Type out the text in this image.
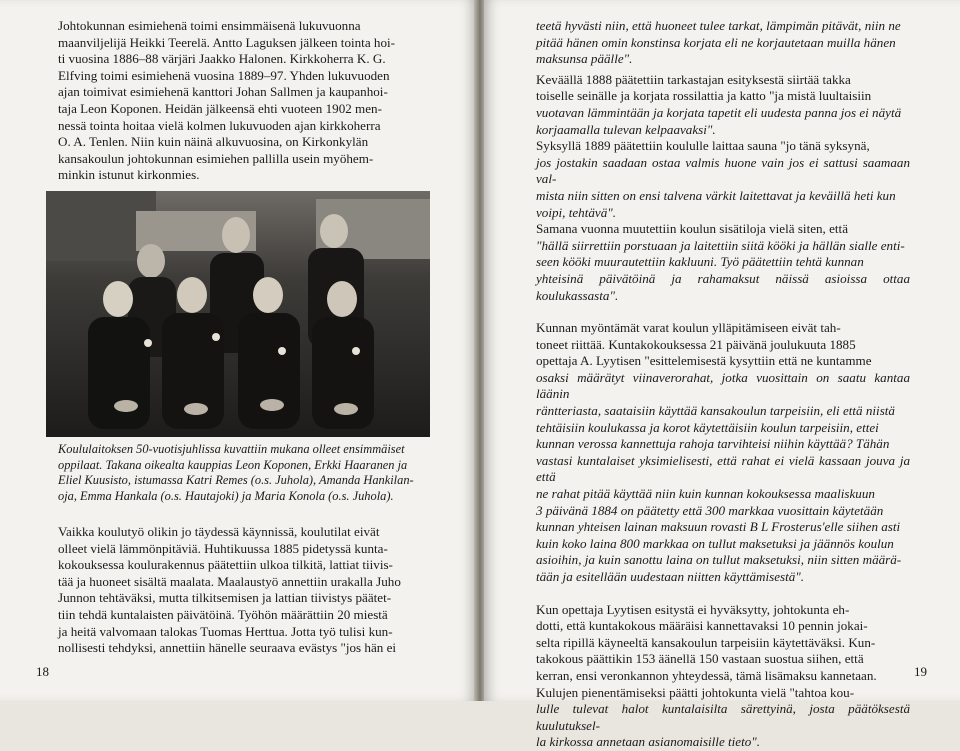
Johtokunnan esimiehenä toimi ensimmäisenä lukuvuonna
maanviljelijä Heikki Teerelä. Antto Laguksen jälkeen tointa hoi-
ti vuosina 1886–88 värjäri Jaakko Halonen. Kirkkoherra K. G.
Elfving toimi esimiehenä vuosina 1889–97. Yhden lukuvuoden
ajan toimivat esimiehenä kanttori Johan Sallmen ja kaupanhoi-
taja Leon Koponen. Heidän jälkeensä ehti vuoteen 1902 men-
nessä tointa hoitaa vielä kolmen lukuvuoden ajan kirkkoherra
O. A. Tenlen. Niin kuin näinä alkuvuosina, on Kirkonkylän
kansakoulun johtokunnan esimiehen pallilla usein myöhem-
minkin istunut kirkonmies.

Koululaitoksen 50-vuotisjuhlissa kuvattiin mukana olleet ensimmäiset
oppilaat. Takana oikealta kauppias Leon Koponen, Erkki Haaranen ja
Eliel Kuusisto, istumassa Katri Remes (o.s. Juhola), Amanda Hankilan-
oja, Emma Hankala (o.s. Hautajoki) ja Maria Konola (o.s. Juhola).

Vaikka koulutyö olikin jo täydessä käynnissä, koulutilat eivät
olleet vielä lämmönpitäviä. Huhtikuussa 1885 pidetyssä kunta-
kokouksessa koulurakennus päätettiin ulkoa tilkitä, lattiat tiivis-
tää ja huoneet sisältä maalata. Maalaustyö annettiin urakalla Juho
Junnon tehtäväksi, mutta tilkitsemisen ja lattian tiivistys päätet-
tiin tehdä kuntalaisten päivätöinä. Työhön määrättiin 20 miestä
ja heitä valvomaan talokas Tuomas Herttua. Jotta työ tulisi kun-
nollisesti tehdyksi, annettiin hänelle seuraava evästys "jos hän ei

18

teetä hyvästi niin, että huoneet tulee tarkat, lämpimän pitävät, niin ne
pitää hänen omin konstinsa korjata eli ne korjautetaan muilla hänen
maksunsa päälle".

Keväällä 1888 päätettiin tarkastajan esityksestä siirtää takka
toiselle seinälle ja korjata rossilattia ja katto "ja mistä luultaisiin
vuotavan lämmintään ja korjata tapetit eli uudesta panna jos ei näytä
korjaamalla tulevan kelpaavaksi".

Syksyllä 1889 päätettiin koululle laittaa sauna "jo tänä syksynä,
jos jostakin saadaan ostaa valmis huone vain jos ei sattusi saamaan val-
mista niin sitten on ensi talvena värkit laitettavat ja keväillä heti kun
voipi, tehtävä".

Samana vuonna muutettiin koulun sisätiloja vielä siten, että
"hällä siirrettiin porstuaan ja laitettiin siitä kööki ja hällän sialle enti-
seen kööki muurautettiin kakluuni. Työ päätettiin tehtä kunnan
yhteisinä päivätöinä ja rahamaksut näissä asioissa ottaa koulukassasta".

Kunnan myöntämät varat koulun ylläpitämiseen eivät tah-
toneet riittää. Kuntakokouksessa 21 päivänä joulukuuta 1885
opettaja A. Lyytisen "esittelemisestä kysyttiin että ne kuntamme
osaksi määrätyt viinaverorahat, jotka vuosittain on saatu kantaa läänin
räntteriasta, saataisiin käyttää kansakoulun tarpeisiin, eli että niistä
tehtäisiin koulukassa ja korot käytettäisiin koulun tarpeisiin, ettei
kunnan verossa kannettuja rahoja tarvihteisi niihin käyttää? Tähän
vastasi kuntalaiset yksimielisesti, että rahat ei vielä kassaan jouva ja että
ne rahat pitää käyttää niin kuin kunnan kokouksessa maaliskuun
3 päivänä 1884 on päätetty että 300 markkaa vuosittain käytetään
kunnan yhteisen lainan maksuun rovasti B L Frosterus'elle siihen asti
kuin koko laina 800 markkaa on tullut maksetuksi ja jäännös koulun
asioihin, ja kuin sanottu laina on tullut maksetuksi, niin sitten määrä-
tään ja esitellään uudestaan niitten käyttämisestä".

Kun opettaja Lyytisen esitystä ei hyväksytty, johtokunta eh-
dotti, että kuntakokous määräisi kannettavaksi 10 pennin jokai-
selta ripillä käyneeltä kansakoulun tarpeisiin käytettäväksi. Kun-
takokous päättikin 153 äänellä 150 vastaan suostua siihen, että
kerran, ensi veronkannon yhteydessä, tämä lisämaksu kannetaan.
Kulujen pienentämiseksi päätti johtokunta vielä "tahtoa kou-
lulle tulevat halot kuntalaisilta särettyinä, josta päätöksestä kuulutuksel-
la kirkossa annetaan asianomaisille tieto".

19
